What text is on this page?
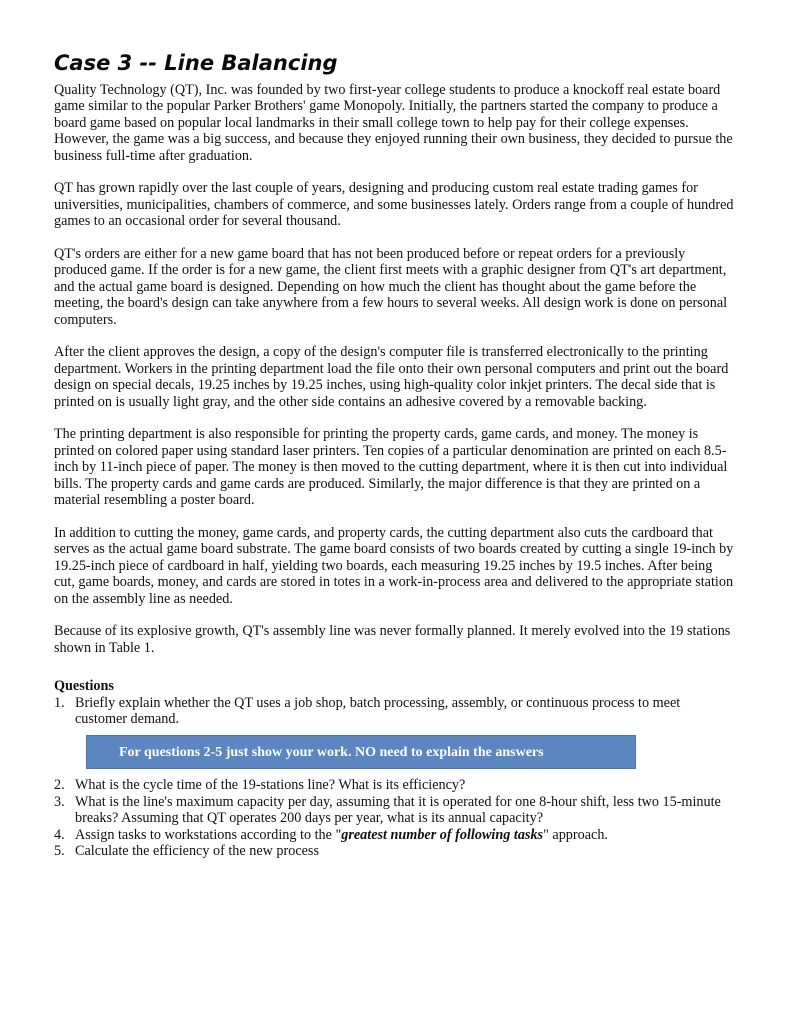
Case 3 -- Line Balancing

Quality Technology (QT), Inc. was founded by two first-year college students to produce a knockoff real estate board game similar to the popular Parker Brothers' game Monopoly. Initially, the partners started the company to produce a board game based on popular local landmarks in their small college town to help pay for their college expenses. However, the game was a big success, and because they enjoyed running their own business, they decided to pursue the business full-time after graduation.

QT has grown rapidly over the last couple of years, designing and producing custom real estate trading games for universities, municipalities, chambers of commerce, and some businesses lately. Orders range from a couple of hundred games to an occasional order for several thousand.

QT's orders are either for a new game board that has not been produced before or repeat orders for a previously produced game. If the order is for a new game, the client first meets with a graphic designer from QT's art department, and the actual game board is designed. Depending on how much the client has thought about the game before the meeting, the board's design can take anywhere from a few hours to several weeks. All design work is done on personal computers.

After the client approves the design, a copy of the design's computer file is transferred electronically to the printing department. Workers in the printing department load the file onto their own personal computers and print out the board design on special decals, 19.25 inches by 19.25 inches, using high-quality color inkjet printers. The decal side that is printed on is usually light gray, and the other side contains an adhesive covered by a removable backing.

The printing department is also responsible for printing the property cards, game cards, and money. The money is printed on colored paper using standard laser printers. Ten copies of a particular denomination are printed on each 8.5-inch by 11-inch piece of paper. The money is then moved to the cutting department, where it is then cut into individual bills. The property cards and game cards are produced. Similarly, the major difference is that they are printed on a material resembling a poster board.

In addition to cutting the money, game cards, and property cards, the cutting department also cuts the cardboard that serves as the actual game board substrate. The game board consists of two boards created by cutting a single 19-inch by 19.25-inch piece of cardboard in half, yielding two boards, each measuring 19.25 inches by 19.5 inches. After being cut, game boards, money, and cards are stored in totes in a work-in-process area and delivered to the appropriate station on the assembly line as needed.

Because of its explosive growth, QT's assembly line was never formally planned. It merely evolved into the 19 stations shown in Table 1.

Questions
1. Briefly explain whether the QT uses a job shop, batch processing, assembly, or continuous process to meet customer demand.
For questions 2-5 just show your work. NO need to explain the answers
2. What is the cycle time of the 19-stations line? What is its efficiency?
3. What is the line's maximum capacity per day, assuming that it is operated for one 8-hour shift, less two 15-minute breaks? Assuming that QT operates 200 days per year, what is its annual capacity?
4. Assign tasks to workstations according to the "greatest number of following tasks" approach.
5. Calculate the efficiency of the new process
